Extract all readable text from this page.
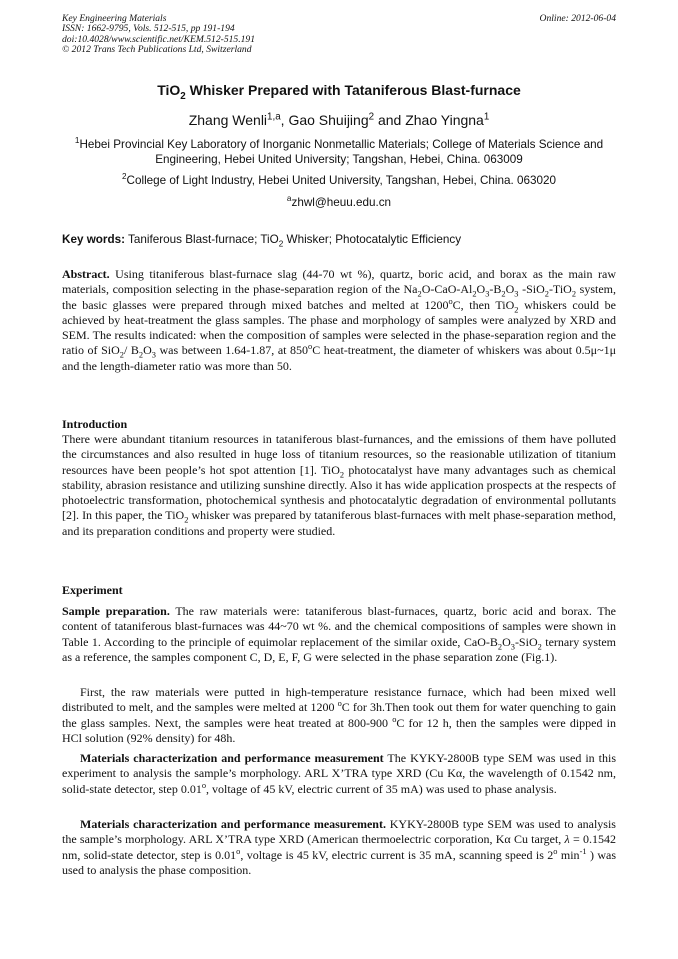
Key Engineering Materials
ISSN: 1662-9795, Vols. 512-515, pp 191-194
doi:10.4028/www.scientific.net/KEM.512-515.191
© 2012 Trans Tech Publications Ltd, Switzerland
Online: 2012-06-04
TiO$_2$ Whisker Prepared with Tataniferous Blast-furnace
Zhang Wenli$^{1,a}$, Gao Shuijing$^2$ and Zhao Yingna$^1$
$^1$Hebei Provincial Key Laboratory of Inorganic Nonmetallic Materials; College of Materials Science and Engineering, Hebei United University; Tangshan, Hebei, China. 063009
$^2$College of Light Industry, Hebei United University, Tangshan, Hebei, China. 063020
$^a$zhwl@heuu.edu.cn
Key words: Taniferous Blast-furnace; TiO$_2$ Whisker; Photocatalytic Efficiency

Abstract. Using titaniferous blast-furnace slag (44-70 wt %), quartz, boric acid, and borax as the main raw materials, composition selecting in the phase-separation region of the $Na_2O-CaO-Al_2O_3-B_2O_3$ -SiO$_2$-TiO$_2$ system, the basic glasses were prepared through mixed batches and melted at 1200$^o$C, then TiO$_2$ whiskers could be achieved by heat-treatment the glass samples. The phase and morphology of samples were analyzed by XRD and SEM. The results indicated: when the composition of samples were selected in the phase-separation region and the ratio of SiO$_2$/ $B_2O_3$ was between 1.64-1.87, at 850$^o$C heat-treatment, the diameter of whiskers was about 0.5μ~1μ and the length-diameter ratio was more than 50.

Introduction

There were abundant titanium resources in tataniferous blast-furnances, and the emissions of them have polluted the circumstances and also resulted in huge loss of titanium resources, so the reasionable utilization of titanium resources have been people’s hot spot attention [1]. TiO$_2$ photocatalyst have many advantages such as chemical stability, abrasion resistance and utilizing sunshine directly. Also it has wide application prospects at the respects of photoelectric transformation, photochemical synthesis and photocatalytic degradation of environmental pollutants [2]. In this paper, the TiO$_2$ whisker was prepared by tataniferous blast-furnaces with melt phase-separation method, and its preparation conditions and property were studied.

Experiment

Sample preparation. The raw materials were: tataniferous blast-furnaces, quartz, boric acid and borax. The content of tataniferous blast-furnaces was 44~70 wt %. and the chemical compositions of samples were shown in Table 1. According to the principle of equimolar replacement of the similar oxide, CaO-$B_2O_3-SiO_2$ ternary system as a reference, the samples component C, D, E, F, G were selected in the phase separation zone (Fig.1).

First, the raw materials were putted in high-temperature resistance furnace, which had been mixed well distributed to melt, and the samples were melted at 1200 $^o$C for 3h.Then took out them for water quenching to gain the glass samples. Next, the samples were heat treated at 800-900 $^o$C for 12 h, then the samples were dipped in HCl solution (92% density) for 48h.

Materials characterization and performance measurement The KYKY-2800B type SEM was used in this experiment to analysis the sample’s morphology. ARL X’TRA type XRD (Cu Kα, the wavelength of 0.1542 nm, solid-state detector, step 0.01$^o$, voltage of 45 kV, electric current of 35 mA) was used to phase analysis.

Materials characterization and performance measurement. KYKY-2800B type SEM was used to analysis the sample’s morphology. ARL X’TRA type XRD (American thermoelectric corporation, Kα Cu target, λ = 0.1542 nm, solid-state detector, step is 0.01$^o$, voltage is 45 kV, electric current is 35 mA, scanning speed is 2$^o$ $\min^{-1}$ ) was used to analysis the phase composition.
